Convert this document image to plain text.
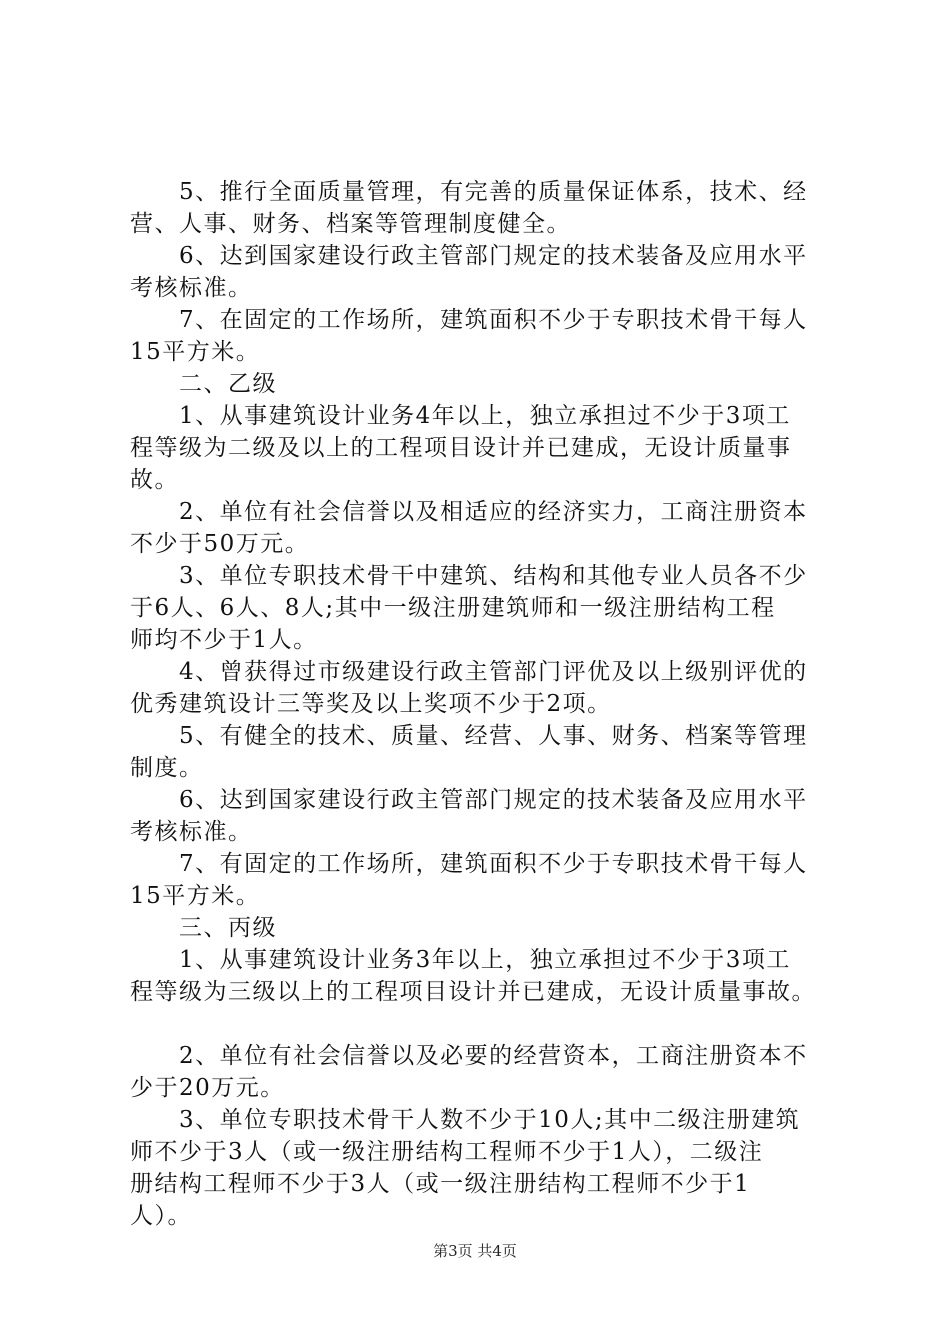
　　5、推行全面质量管理，有完善的质量保证体系，技术、经
营、人事、财务、档案等管理制度健全。
　　6、达到国家建设行政主管部门规定的技术装备及应用水平
考核标准。
　　7、在固定的工作场所，建筑面积不少于专职技术骨干每人
15平方米。
　　二、乙级
　　1、从事建筑设计业务4年以上，独立承担过不少于3项工
程等级为二级及以上的工程项目设计并已建成，无设计质量事
故。
　　2、单位有社会信誉以及相适应的经济实力，工商注册资本
不少于50万元。
　　3、单位专职技术骨干中建筑、结构和其他专业人员各不少
于6人、6人、8人;其中一级注册建筑师和一级注册结构工程
师均不少于1人。
　　4、曾获得过市级建设行政主管部门评优及以上级别评优的
优秀建筑设计三等奖及以上奖项不少于2项。
　　5、有健全的技术、质量、经营、人事、财务、档案等管理
制度。
　　6、达到国家建设行政主管部门规定的技术装备及应用水平
考核标准。
　　7、有固定的工作场所，建筑面积不少于专职技术骨干每人
15平方米。
　　三、丙级
　　1、从事建筑设计业务3年以上，独立承担过不少于3项工
程等级为三级以上的工程项目设计并已建成，无设计质量事故。
　　2、单位有社会信誉以及必要的经营资本，工商注册资本不
少于20万元。
　　3、单位专职技术骨干人数不少于10人;其中二级注册建筑
师不少于3人（或一级注册结构工程师不少于1人），二级注
册结构工程师不少于3人（或一级注册结构工程师不少于1
人）。
第3页 共4页
